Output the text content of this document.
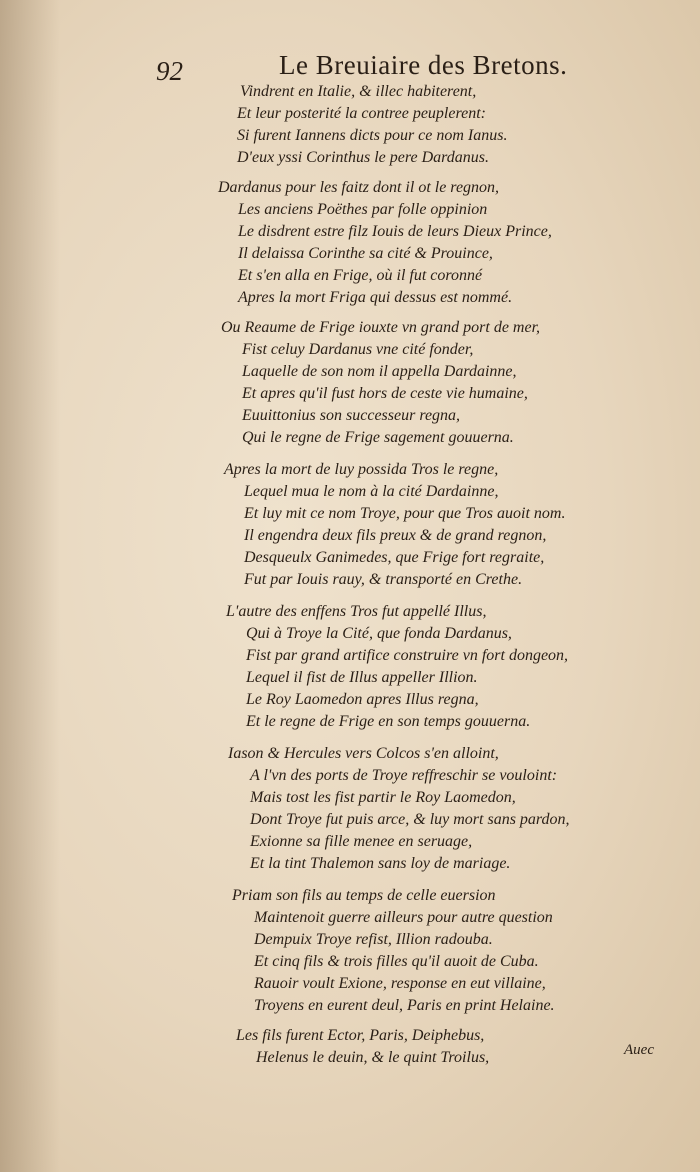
92	Le Breuiaire des Bretons.
Vindrent en Italie, & illec habiterent,
Et leur posterité la contree peuplerent:
Si furent Iannens dicts pour ce nom Ianus.
D'eux yssi Corinthus le pere Dardanus.
Dardanus pour les faitz dont il ot le regnon,
Les anciens Poëthes par folle oppinion
Le disdrent estre filz Iouis de leurs Dieux Prince,
Il delaissa Corinthe sa cité & Prouince,
Et s'en alla en Frige, où il fut coronné
Apres la mort Friga qui dessus est nommé.
Ou Reaume de Frige iouxte vn grand port de mer,
Fist celuy Dardanus vne cité fonder,
Laquelle de son nom il appella Dardainne,
Et apres qu'il fust hors de ceste vie humaine,
Euuittonius son successeur regna,
Qui le regne de Frige sagement gouuerna.
Apres la mort de luy possida Tros le regne,
Lequel mua le nom à la cité Dardainne,
Et luy mit ce nom Troye, pour que Tros auoit nom.
Il engendra deux fils preux & de grand regnon,
Desqueulx Ganimedes, que Frige fort regraite,
Fut par Iouis rauy, & transporté en Crethe.
L'autre des enffens Tros fut appellé Illus,
Qui à Troye la Cité, que fonda Dardanus,
Fist par grand artifice construire vn fort dongeon,
Lequel il fist de Illus appeller Illion.
Le Roy Laomedon apres Illus regna,
Et le regne de Frige en son temps gouuerna.
Iason & Hercules vers Colcos s'en alloint,
A l'vn des ports de Troye reffreschir se vouloint:
Mais tost les fist partir le Roy Laomedon,
Dont Troye fut puis arce, & luy mort sans pardon,
Exionne sa fille menee en seruage,
Et la tint Thalemon sans loy de mariage.
Priam son fils au temps de celle euersion
Maintenoit guerre ailleurs pour autre question
Dempuix Troye refist, Illion radouba.
Et cinq fils & trois filles qu'il auoit de Cuba.
Rauoir voult Exione, response en eut villaine,
Troyens en eurent deul, Paris en print Helaine.
Les fils furent Ector, Paris, Deiphebus,
Helenus le deuin, & le quint Troilus,	Auec
